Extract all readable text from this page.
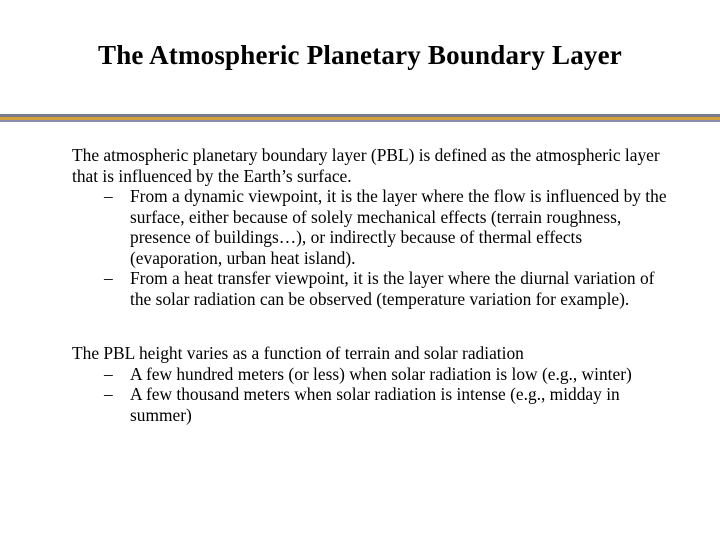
The Atmospheric Planetary Boundary Layer

The atmospheric planetary boundary layer (PBL) is defined as the atmospheric layer that is influenced by the Earth’s surface.

– From a dynamic viewpoint, it is the layer where the flow is influenced by the surface, either because of solely mechanical effects (terrain roughness, presence of buildings…), or indirectly because of thermal effects (evaporation, urban heat island).
– From a heat transfer viewpoint, it is the layer where the diurnal variation of the solar radiation can be observed (temperature variation for example).

The PBL height varies as a function of terrain and solar radiation

– A few hundred meters (or less) when solar radiation is low (e.g., winter)
– A few thousand meters when solar radiation is intense (e.g., midday in summer)
